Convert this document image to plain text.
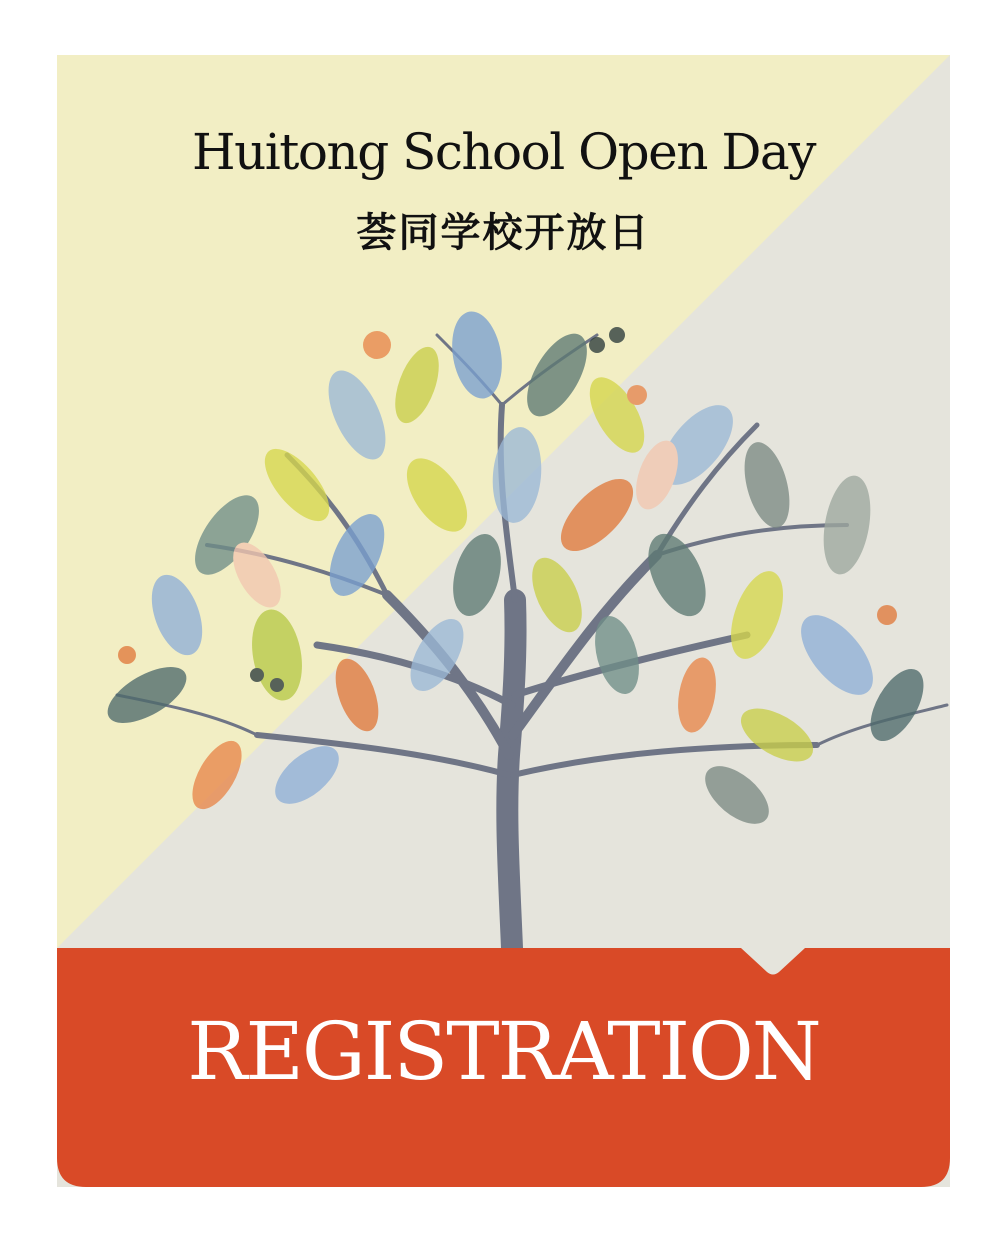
Huitong School Open Day
荟同学校开放日
REGISTRATION
